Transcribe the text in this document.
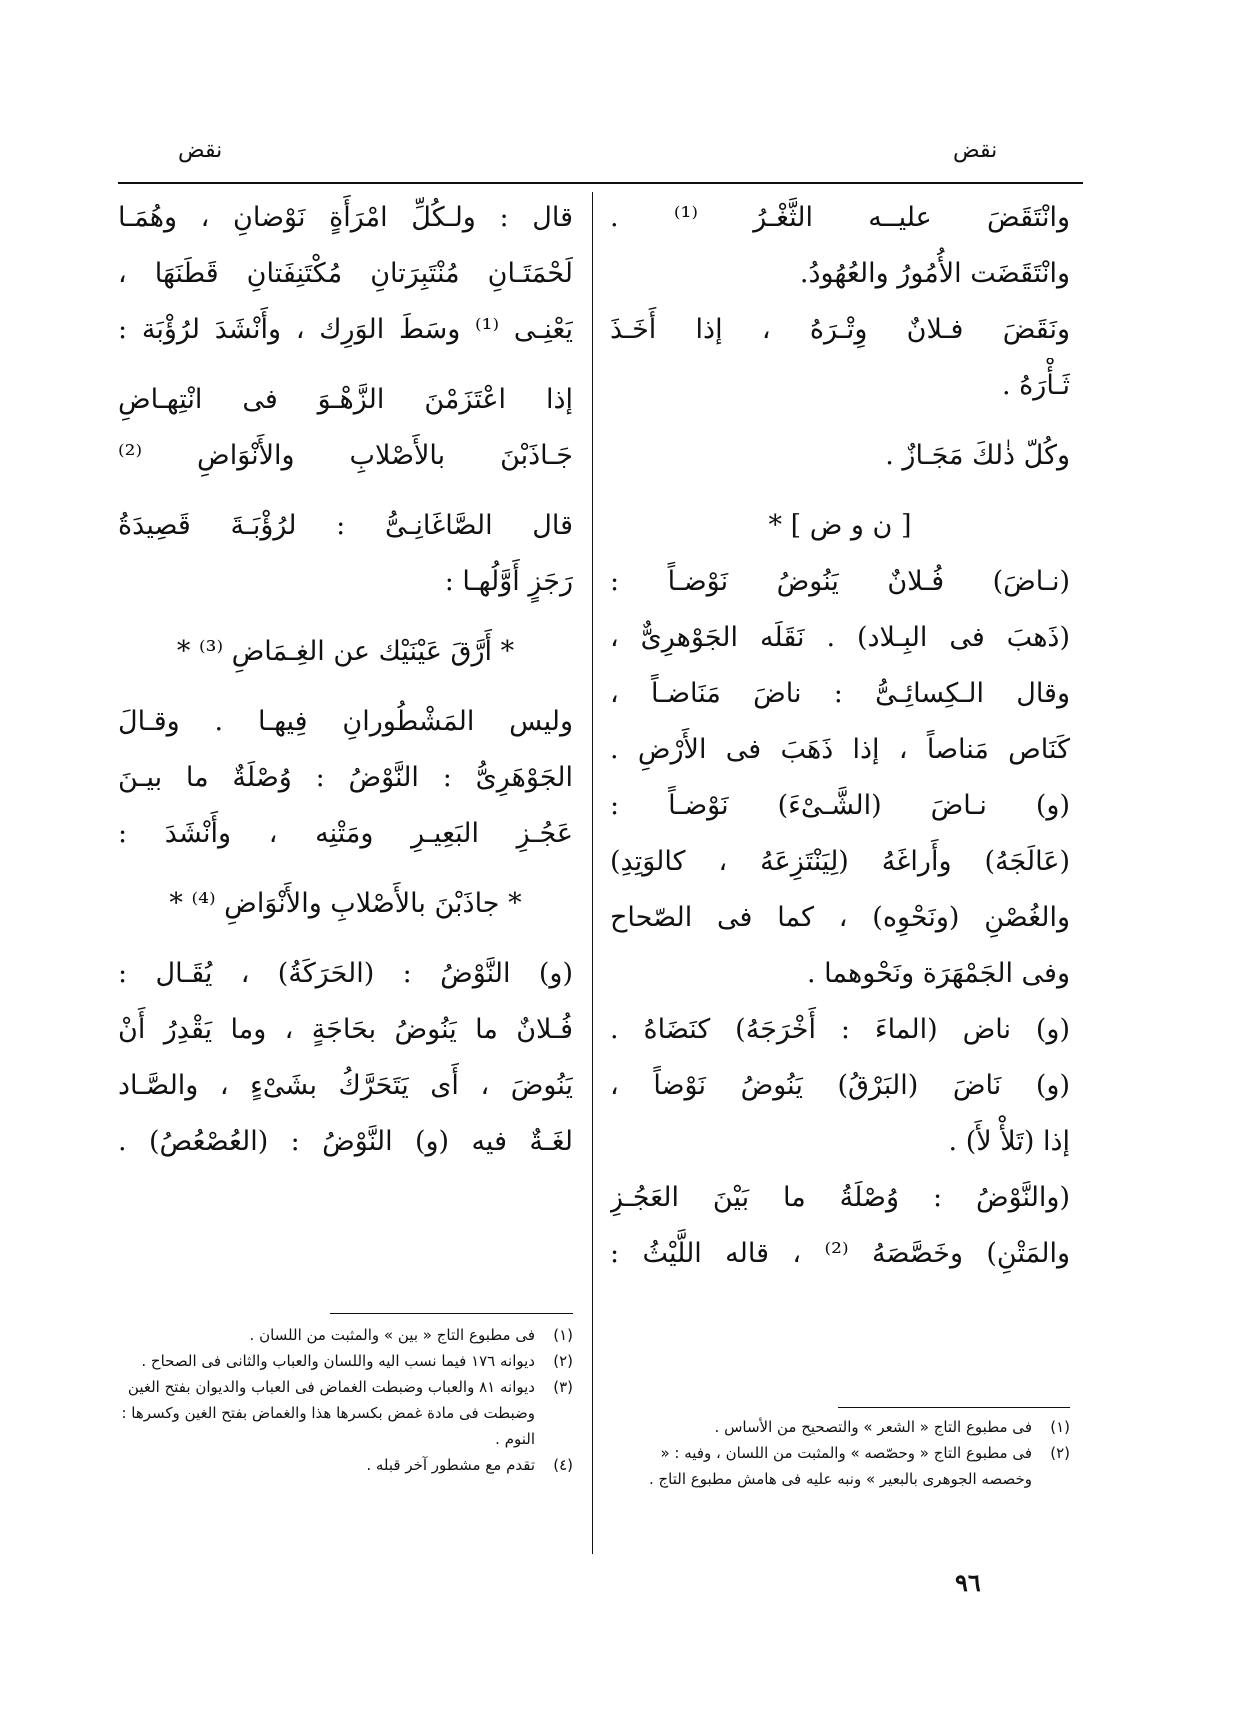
نقض	نقض
وانْتَقَضَ عليــه الثَّغْـرُ ⁽¹⁾ .
وانْتَقَضَت الأُمُورُ والعُهُودُ.
ونَقَضَ فـلانٌ وِتْـرَهُ ، إذا أَخَـذَ
ثَـأْرَهُ .
وكُلّ ذٰلكَ مَجَـازٌ .
[ ن و ض ] *
(نـاضَ) فُـلانٌ يَنُوضُ نَوْضـاً :
(ذَهبَ فى البِـلاد) . نَقَلَه الجَوْهرِىٌّ ،
وقال الـكِسائِـىُّ : ناضَ مَنَاضـاً ،
كَنَاص مَناصاً ، إذا ذَهَبَ فى الأَرْضِ .
(و) نـاضَ (الشَّـىْءَ) نَوْضـاً :
(عَالَجَهُ) وأَراغَهُ (لِيَنْتَزِعَهُ ، كالوَتِدِ)
والغُصْنِ (ونَحْوِه) ، كما فى الصّحاح
وفى الجَمْهَرَة ونَحْوهما .
(و) ناض (الماءَ : أَخْرَجَهُ) كنَضَاهُ .
(و) نَاضَ (البَرْقُ) يَنُوضُ نَوْضاً ،
إذا (تَلأْ لأَ) .
(والنَّوْضُ : وُصْلَةُ ما بَيْنَ العَجُـزِ
والمَتْنِ) وخَصَّصَهُ ⁽²⁾ ، قاله اللَّيْثُ :
قال : ولـكُلِّ امْرَأَةٍ نَوْضانِ ، وهُمَـا
لَحْمَتَـانِ مُنْتَبِرَتانِ مُكْتَنِفَتانِ قَطَنَهَا ،
يَعْنِـى ⁽¹⁾ وسَطَ الوَرِك ، وأَنْشَدَ لرُؤْبَة :
إذا اعْتَزَمْنَ الزَّهْـوَ فى انْتِهـاضِ
جَـاذَبْنَ بالأَصْلابِ والأَنْوَاضِ ⁽²⁾
قال الصَّاغَانِـىُّ : لرُؤْبَـةَ قَصِيدَةُ
رَجَزٍ أَوَّلُهـا :
* أَرَّقَ عَيْنَيْك عن الغِـمَاضِ ⁽³⁾ *
وليس المَشْطُورانِ فِيهـا . وقـالَ
الجَوْهَرِىُّ : النَّوْضُ : وُصْلَةٌ ما بيـنَ
عَجُـزِ البَعِيـرِ ومَتْنِه ، وأَنْشَدَ :
* جاذَبْنَ بالأَصْلابِ والأَنْوَاضِ ⁽⁴⁾ *
(و) النَّوْضُ : (الحَرَكَةُ) ، يُقَـال :
فُـلانٌ ما يَنُوضُ بحَاجَةٍ ، وما يَقْدِرُ أَنْ
يَنُوضَ ، أَى يَتَحَرَّكُ بشَىْءٍ ، والصَّـاد
لغَـةٌ فيه (و) النَّوْضُ : (العُصْعُصُ) .
(١)
فى مطبوع التاج « بين » والمثبت من اللسان .
(٢)
ديوانه ١٧٦ فيما نسب اليه واللسان والعباب والثانى فى الصحاح .
(٣)
ديوانه ٨١ والعباب وضبطت الغماض فى العباب والديوان بفتح الغين وضبطت فى مادة غمض بكسرها هذا والغماض بفتح الغين وكسرها : النوم .
(٤)
تقدم مع مشطور آخر قبله .
(١)
فى مطبوع التاج « الشعر » والتصحيح من الأساس .
(٢)
فى مطبوع التاج « وحصّصه » والمثبت من اللسان ، وفيه : « وخصصه الجوهرى بالبعير » ونبه عليه فى هامش مطبوع التاج .
٩٦
